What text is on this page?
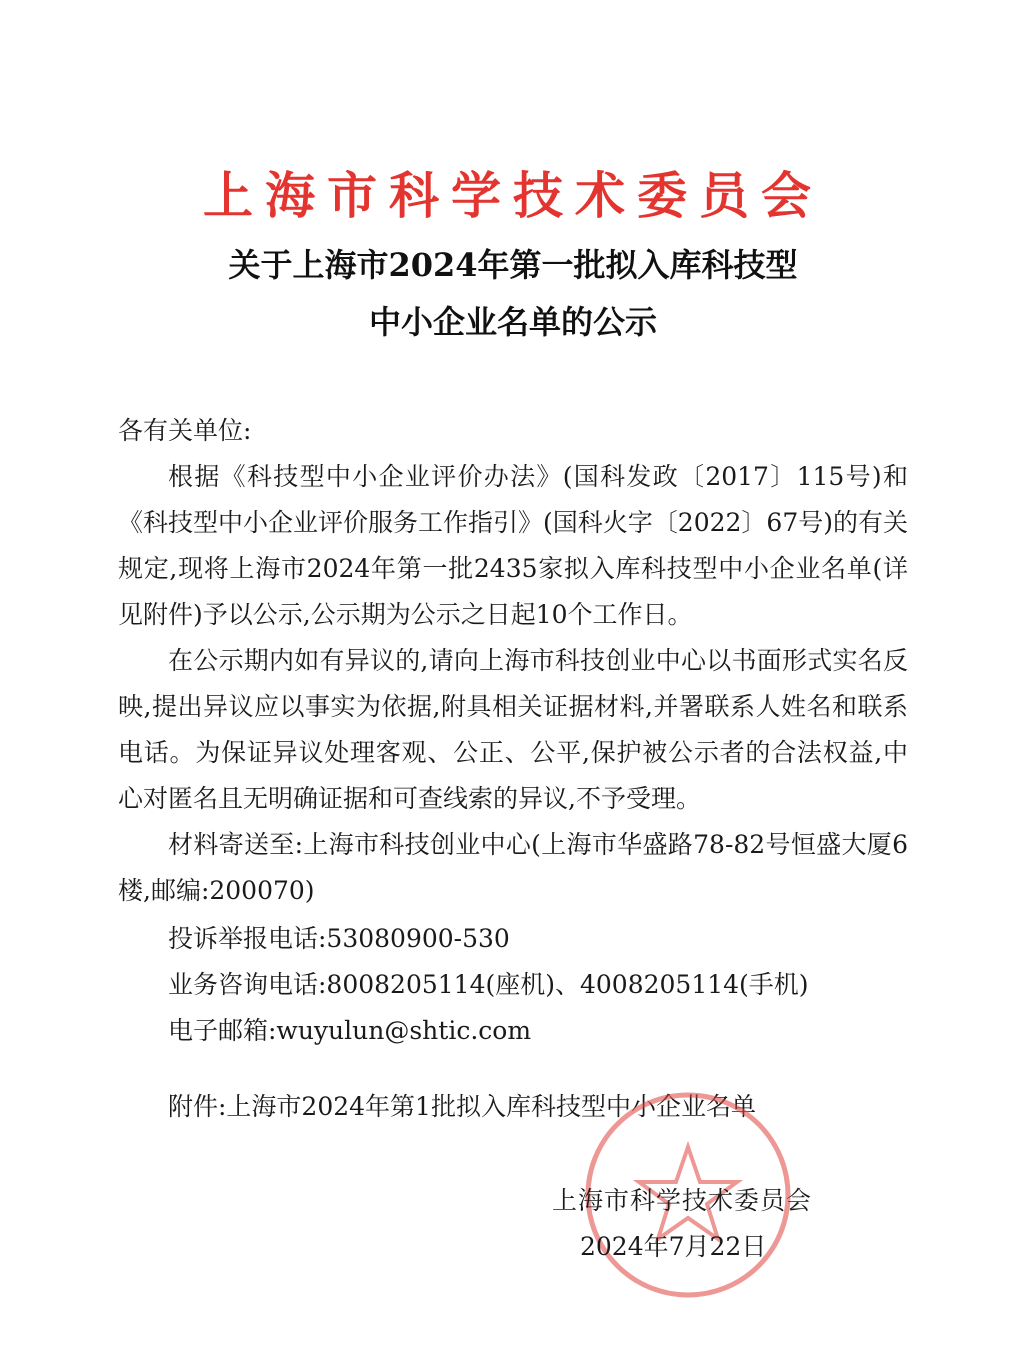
上海市科学技术委员会
关于上海市2024年第一批拟入库科技型
中小企业名单的公示
各有关单位:

根据《科技型中小企业评价办法》(国科发政〔2017〕115号)和《科技型中小企业评价服务工作指引》(国科火字〔2022〕67号)的有关规定,现将上海市2024年第一批2435家拟入库科技型中小企业名单(详见附件)予以公示,公示期为公示之日起10个工作日。

在公示期内如有异议的,请向上海市科技创业中心以书面形式实名反映,提出异议应以事实为依据,附具相关证据材料,并署联系人姓名和联系电话。为保证异议处理客观、公正、公平,保护被公示者的合法权益,中心对匿名且无明确证据和可查线索的异议,不予受理。

材料寄送至:上海市科技创业中心(上海市华盛路78-82号恒盛大厦6楼,邮编:200070)

投诉举报电话:53080900-530
业务咨询电话:8008205114(座机)、4008205114(手机)
电子邮箱:wuyulun@shtic.com
附件:上海市2024年第1批拟入库科技型中小企业名单
上海市科学技术委员会
2024年7月22日
